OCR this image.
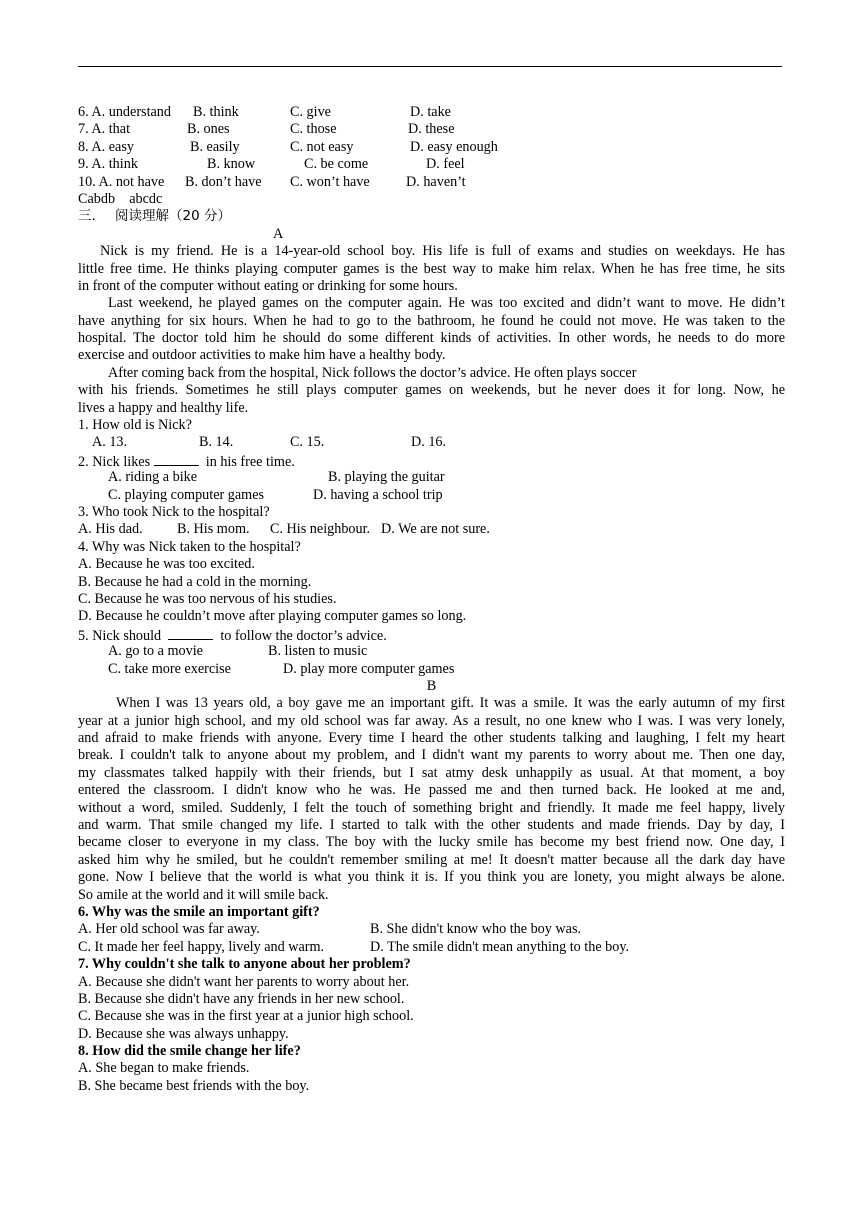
6. A. understand B. think	C. give	D. take
7. A. that	B. ones	C. those	D. these
8. A. easy	B. easily	C. not easy	D. easy enough
9. A. think	B. know	C. be come	D. feel
10. A. not have B. don’t have C. won’t have	D. haven’t
Cabdb    abcdc
三． 阅读理解（20 分）
A
Nick is my friend. He is a 14-year-old school boy. His life is full of exams and studies on weekdays. He has
little free time. He thinks playing computer games is the best way to make him relax. When he has free time, he sits
in front of the computer without eating or drinking for some hours.
Last weekend, he played games on the computer again. He was too excited and didn’t want to move. He didn’t
have anything for six hours. When he had to go to the bathroom, he found he could not move. He was taken to the
hospital. The doctor told him he should do some different kinds of activities. In other words, he needs to do more
exercise and outdoor activities to make him have a healthy body.
After coming back from the hospital, Nick follows the doctor’s advice. He often plays soccer
with his friends. Sometimes he still plays computer games on weekends, but he never does it for long. Now, he
lives a happy and healthy life.
1. How old is Nick?
A. 13.	B. 14.	C. 15.	D. 16.
2. Nick likes	in his free time.
A. riding a bike	B. playing the guitar
C. playing computer games	D. having a school trip
3. Who took Nick to the hospital?
A. His dad. B. His mom. C. His neighbour. D. We are not sure.
4. Why was Nick taken to the hospital?
A. Because he was too excited.
B. Because he had a cold in the morning.
C. Because he was too nervous of his studies.
D. Because he couldn’t move after playing computer games so long.
5. Nick should	to follow the doctor’s advice.
A. go to a movie	B. listen to music
C. take more exercise	D. play more computer games
B
When I was 13 years old, a boy gave me an important gift. It was a smile. It was the early autumn of my first
year at a junior high school, and my old school was far away. As a result, no one knew who I was. I was very lonely,
and afraid to make friends with anyone. Every time I heard the other students talking and laughing, I felt my heart
break. I couldn't talk to anyone about my problem, and I didn't want my parents to worry about me. Then one day,
my classmates talked happily with their friends, but I sat atmy desk unhappily as usual. At that moment, a boy
entered the classroom. I didn't know who he was. He passed me and then turned back. He looked at me and,
without a word, smiled. Suddenly, I felt the touch of something bright and friendly. It made me feel happy, lively
and warm. That smile changed my life. I started to talk with the other students and made friends. Day by day, I
became closer to everyone in my class. The boy with the lucky smile has become my best friend now. One day, I
asked him why he smiled, but he couldn't remember smiling at me! It doesn't matter because all the dark day have
gone. Now I believe that the world is what you think it is. If you think you are lonety, you might always be alone.
So amile at the world and it will smile back.
6. Why was the smile an important gift?
A. Her old school was far away.	B. She didn't know who the boy was.
C. It made her feel happy, lively and warm.	D. The smile didn't mean anything to the boy.
7. Why couldn't she talk to anyone about her problem?
A. Because she didn't want her parents to worry about her.
B. Because she didn't have any friends in her new school.
C. Because she was in the first year at a junior high school.
D. Because she was always unhappy.
8. How did the smile change her life?
A. She began to make friends.
B. She became best friends with the boy.
